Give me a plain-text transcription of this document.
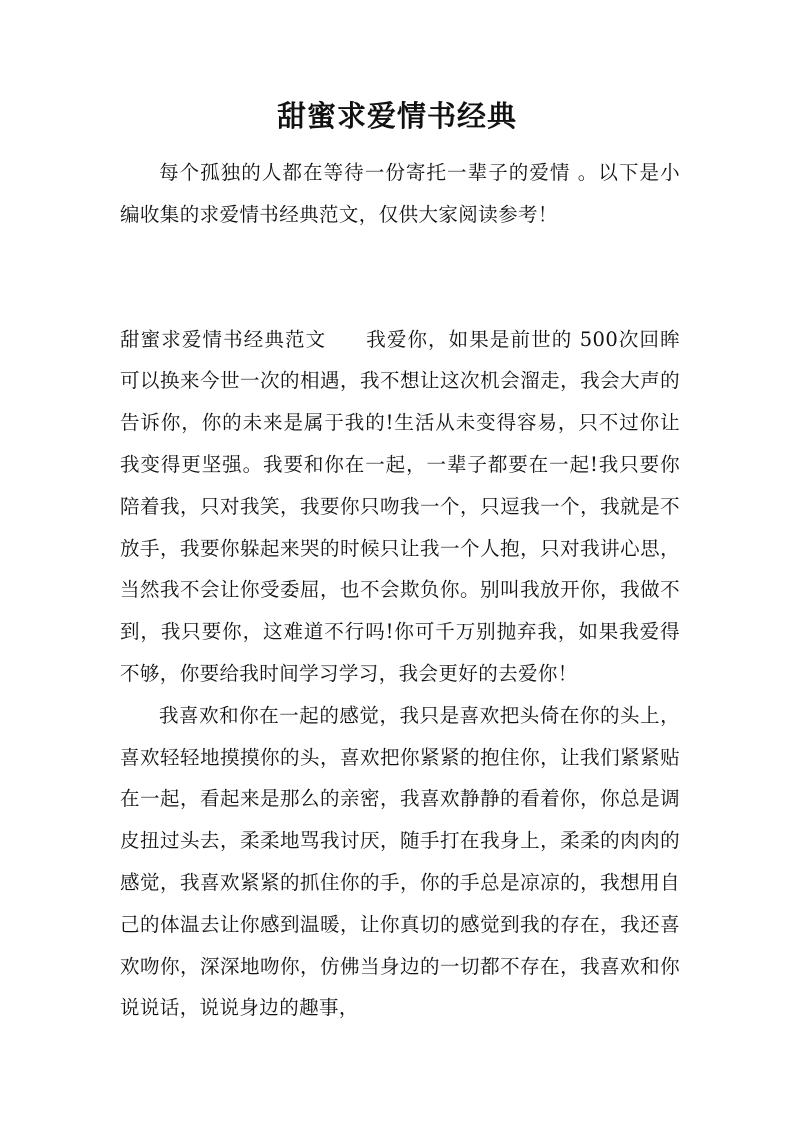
甜蜜求爱情书经典

每个孤独的人都在等待一份寄托一辈子的爱情 。以下是小编收集的求爱情书经典范文，仅供大家阅读参考！

甜蜜求爱情书经典范文 我爱你，如果是前世的 500次回眸可以换来今世一次的相遇，我不想让这次机会溜走，我会大声的告诉你，你的未来是属于我的!生活从未变得容易，只不过你让我变得更坚强。我要和你在一起，一辈子都要在一起!我只要你陪着我，只对我笑，我要你只吻我一个，只逗我一个，我就是不放手，我要你躲起来哭的时候只让我一个人抱，只对我讲心思，当然我不会让你受委屈，也不会欺负你。别叫我放开你，我做不到，我只要你，这难道不行吗!你可千万别抛弃我，如果我爱得不够，你要给我时间学习学习，我会更好的去爱你！

我喜欢和你在一起的感觉，我只是喜欢把头倚在你的头上，喜欢轻轻地摸摸你的头，喜欢把你紧紧的抱住你，让我们紧紧贴在一起，看起来是那么的亲密，我喜欢静静的看着你，你总是调皮扭过头去，柔柔地骂我讨厌，随手打在我身上，柔柔的肉肉的感觉，我喜欢紧紧的抓住你的手，你的手总是凉凉的，我想用自己的体温去让你感到温暖，让你真切的感觉到我的存在，我还喜欢吻你，深深地吻你，仿佛当身边的一切都不存在，我喜欢和你说说话，说说身边的趣事，
